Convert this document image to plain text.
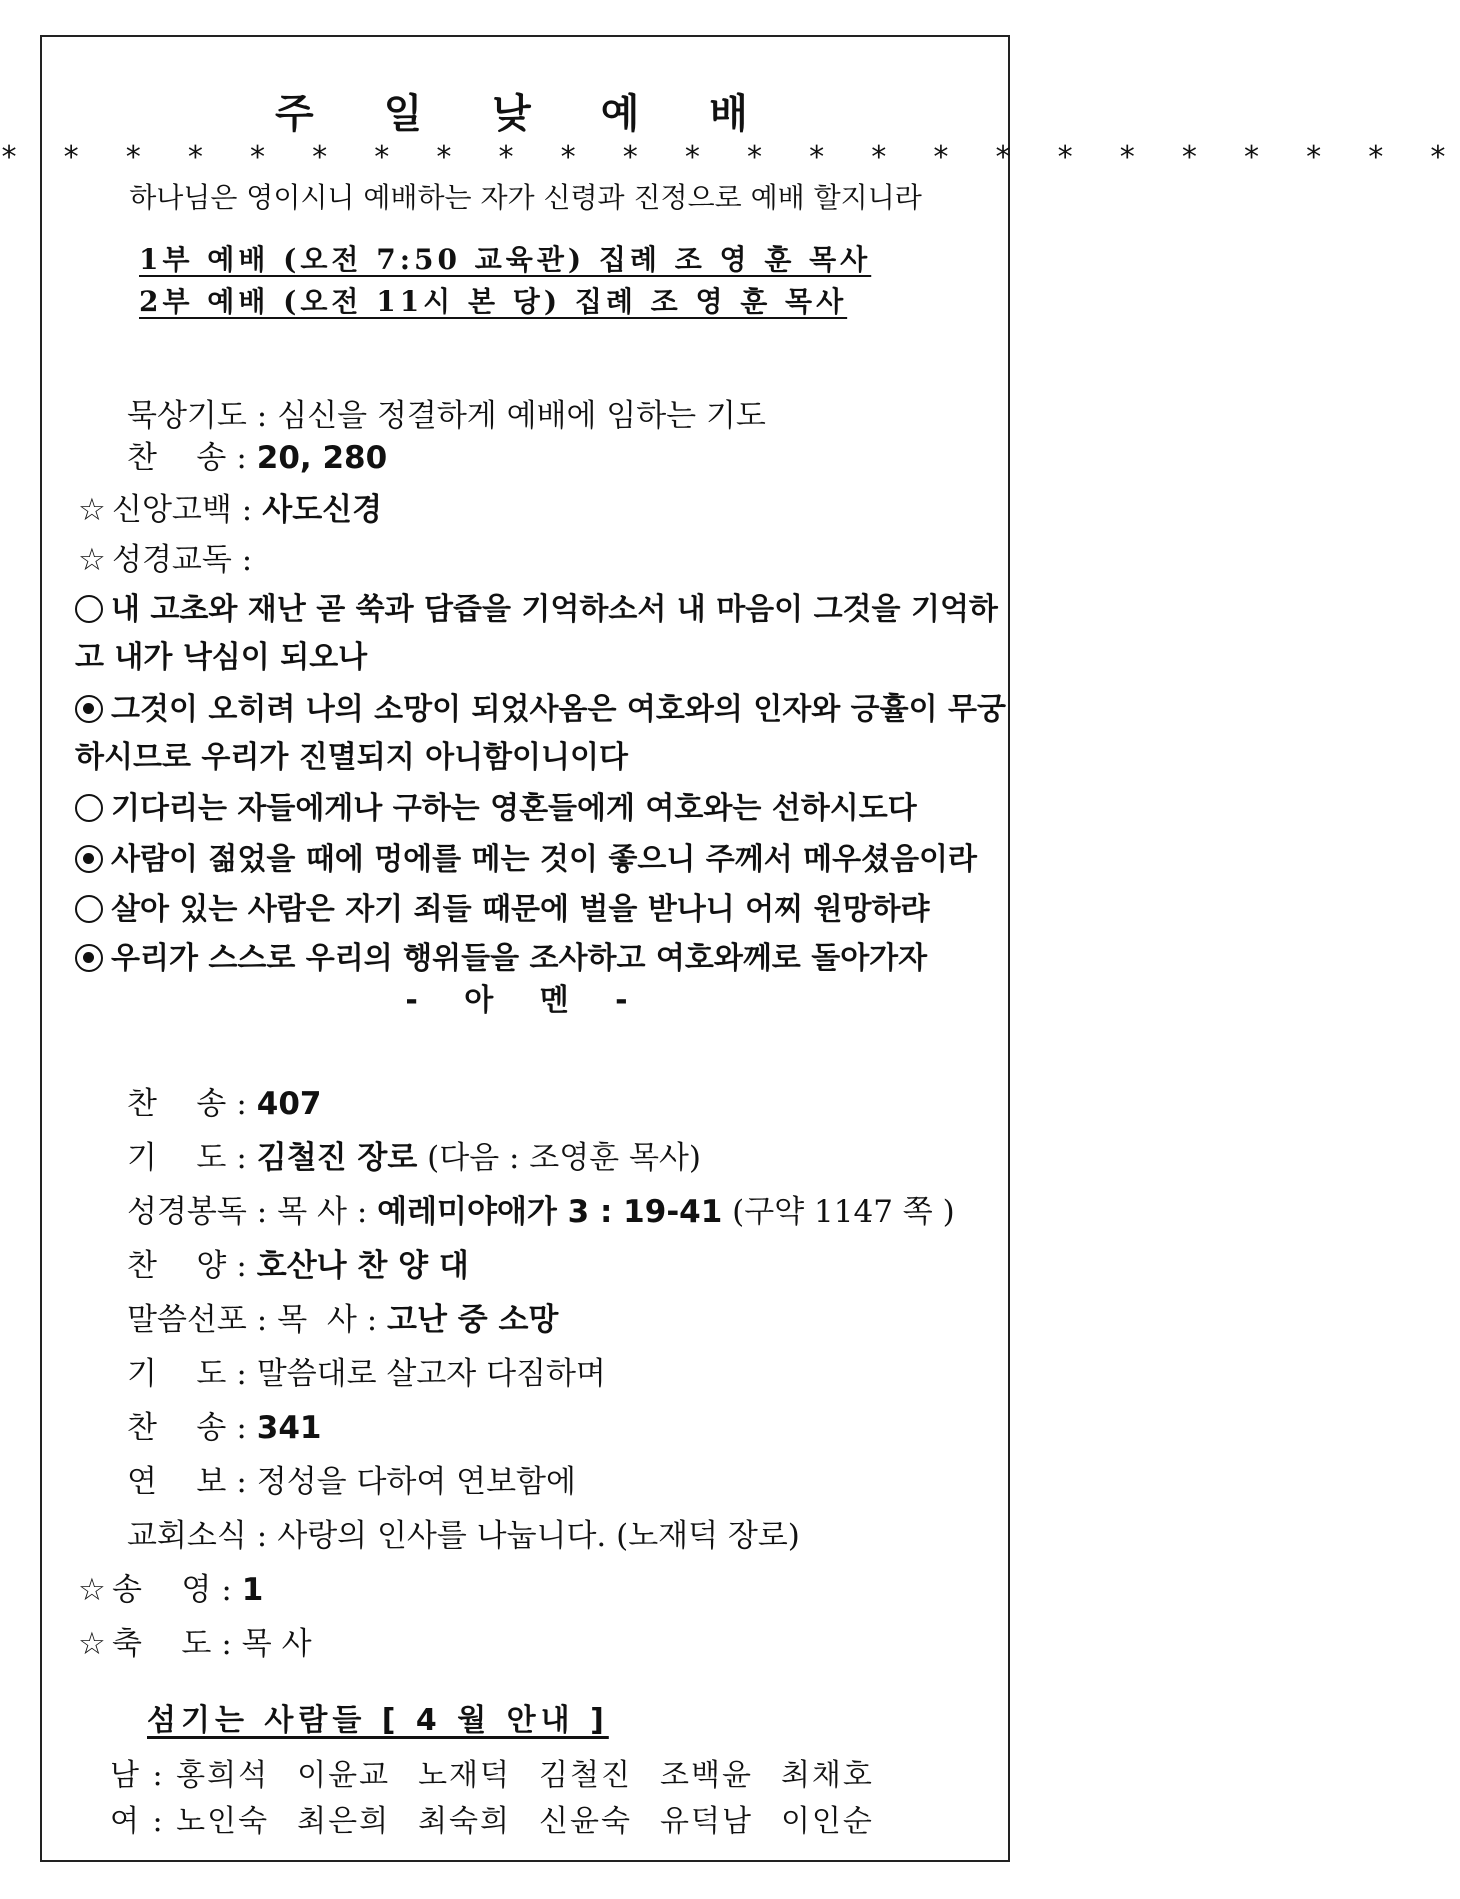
주 일 낮 예 배
* * * * * * * * * * * * * * * * * * * * * * * *
하나님은 영이시니 예배하는 자가 신령과 진정으로 예배 할지니라
1부 예배 (오전 7:50 교육관) 집례 조 영 훈 목사
2부 예배 (오전 11시 본 당) 집례 조 영 훈 목사
묵상기도 : 심신을 정결하게 예배에 임하는 기도
찬    송 : 20, 280
☆ 신앙고백 : 사도신경
☆ 성경교독 :
내 고초와 재난 곧 쑥과 담즙을 기억하소서 내 마음이 그것을 기억하
고 내가 낙심이 되오나
그것이 오히려 나의 소망이 되었사옴은 여호와의 인자와 긍휼이 무궁
하시므로 우리가 진멸되지 아니함이니이다
기다리는 자들에게나 구하는 영혼들에게 여호와는 선하시도다
사람이 젊었을 때에 멍에를 메는 것이 좋으니 주께서 메우셨음이라
살아 있는 사람은 자기 죄들 때문에 벌을 받나니 어찌 원망하랴
우리가 스스로 우리의 행위들을 조사하고 여호와께로 돌아가자
- 아 멘 -
찬    송 : 407
기    도 : 김철진 장로 (다음 : 조영훈 목사)
성경봉독 : 목 사 : 예레미야애가 3 : 19-41 (구약 1147 쪽 )
찬    양 : 호산나 찬 양 대
말씀선포 : 목  사 : 고난 중 소망
기    도 : 말씀대로 살고자 다짐하며
찬    송 : 341
연    보 : 정성을 다하여 연보함에
교회소식 : 사랑의 인사를 나눕니다. (노재덕 장로)
☆ 송    영 : 1
☆ 축    도 : 목 사
섬기는 사람들 [ 4 월 안내 ]
남 : 홍희석 이윤교 노재덕 김철진 조백윤 최채호
여 : 노인숙 최은희 최숙희 신윤숙 유덕남 이인순
